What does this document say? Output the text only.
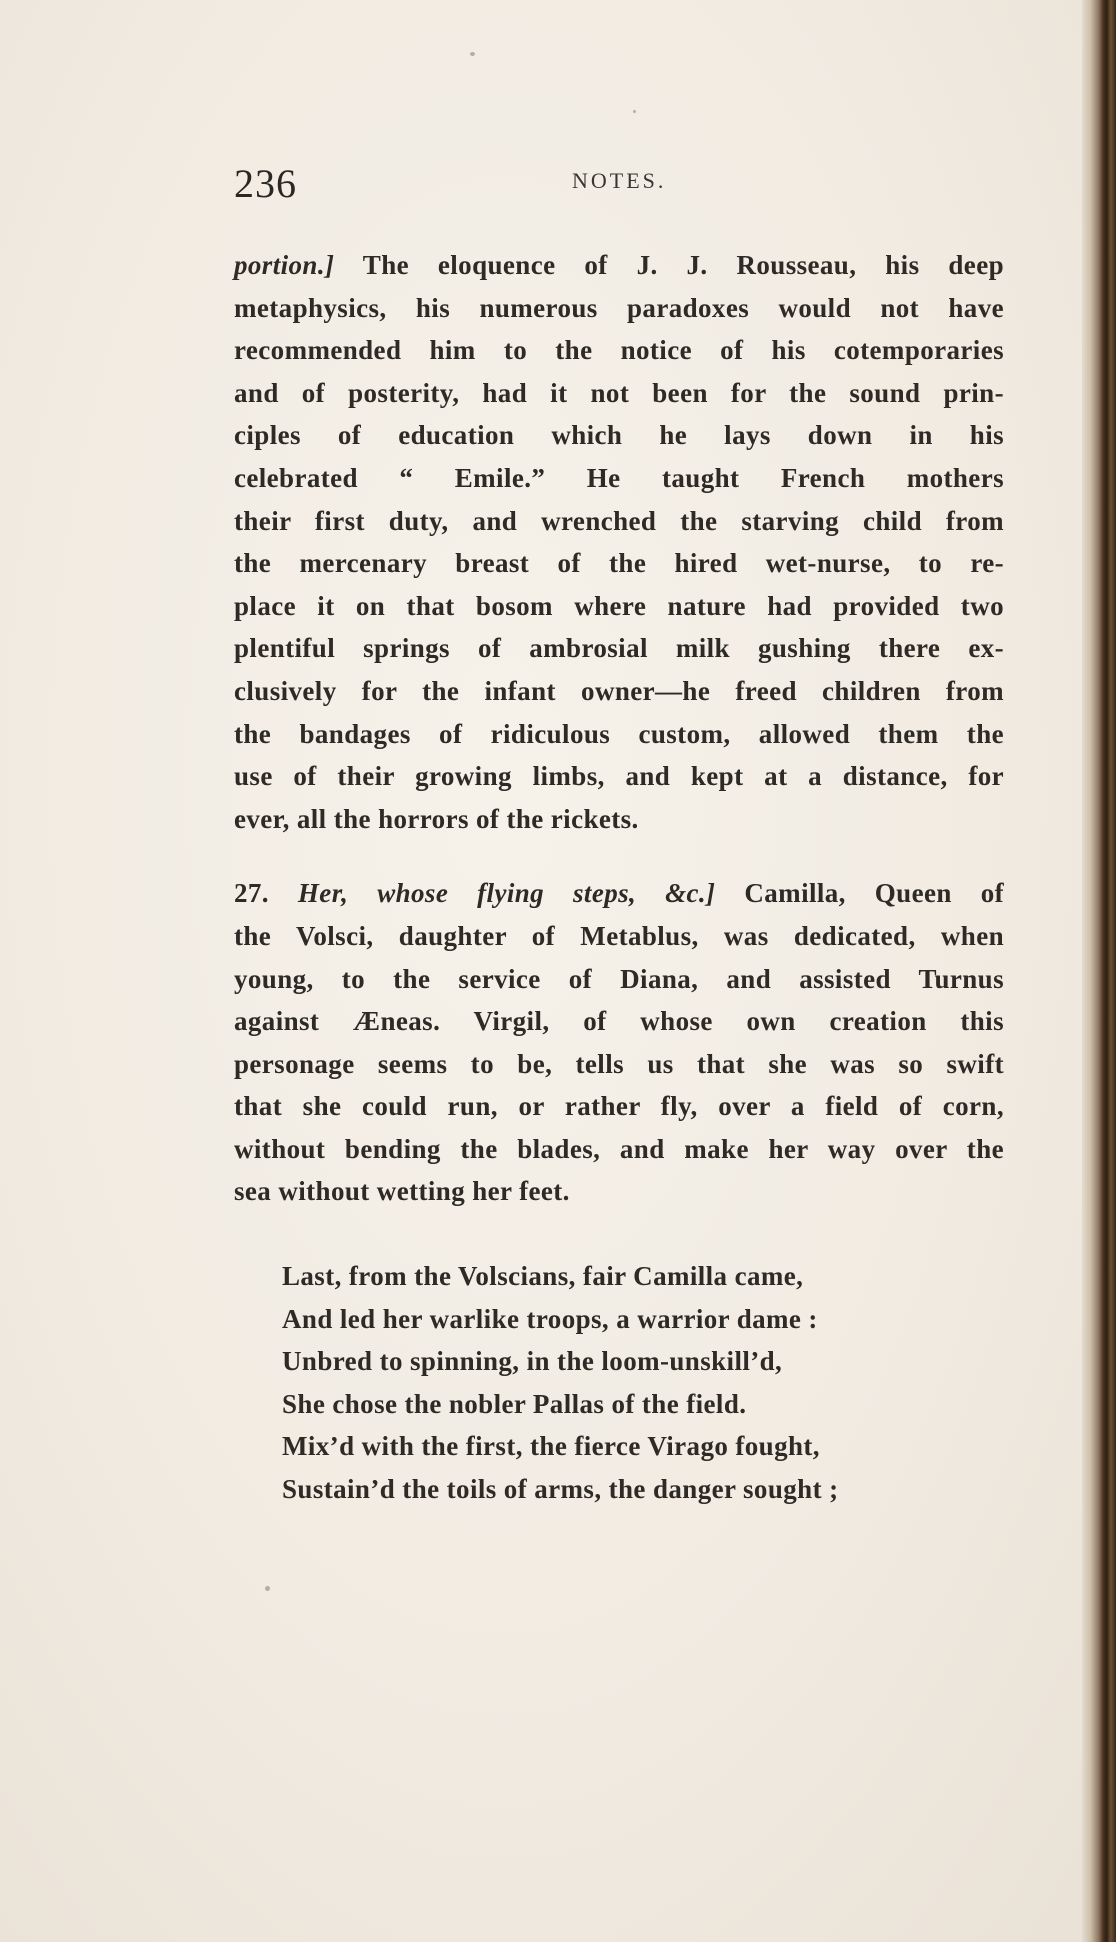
236	NOTES.
portion.] The eloquence of J. J. Rousseau, his deep
metaphysics, his numerous paradoxes would not have
recommended him to the notice of his cotemporaries
and of posterity, had it not been for the sound prin-
ciples of education which he lays down in his
celebrated “ Emile.” He taught French mothers
their first duty, and wrenched the starving child from
the mercenary breast of the hired wet-nurse, to re-
place it on that bosom where nature had provided two
plentiful springs of ambrosial milk gushing there ex-
clusively for the infant owner—he freed children from
the bandages of ridiculous custom, allowed them the
use of their growing limbs, and kept at a distance, for
ever, all the horrors of the rickets.
27. Her, whose flying steps, &c.] Camilla, Queen of
the Volsci, daughter of Metablus, was dedicated, when
young, to the service of Diana, and assisted Turnus
against Æneas. Virgil, of whose own creation this
personage seems to be, tells us that she was so swift
that she could run, or rather fly, over a field of corn,
without bending the blades, and make her way over the
sea without wetting her feet.
Last, from the Volscians, fair Camilla came,
And led her warlike troops, a warrior dame :
Unbred to spinning, in the loom-unskill’d,
She chose the nobler Pallas of the field.
Mix’d with the first, the fierce Virago fought,
Sustain’d the toils of arms, the danger sought ;
